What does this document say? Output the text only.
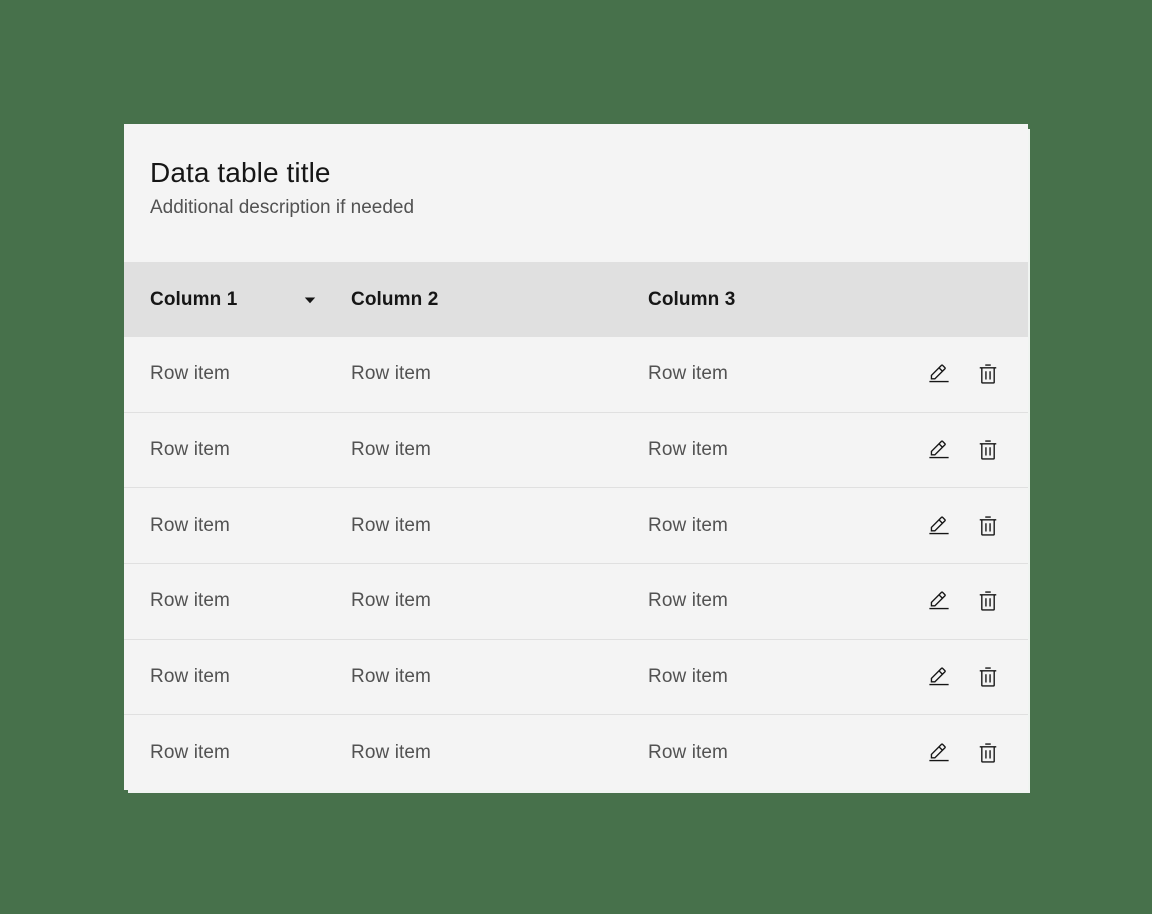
Data table title

Additional description if needed

Column 1	Column 2	Column 3
Row item	Row item	Row item
Row item	Row item	Row item
Row item	Row item	Row item
Row item	Row item	Row item
Row item	Row item	Row item
Row item	Row item	Row item
